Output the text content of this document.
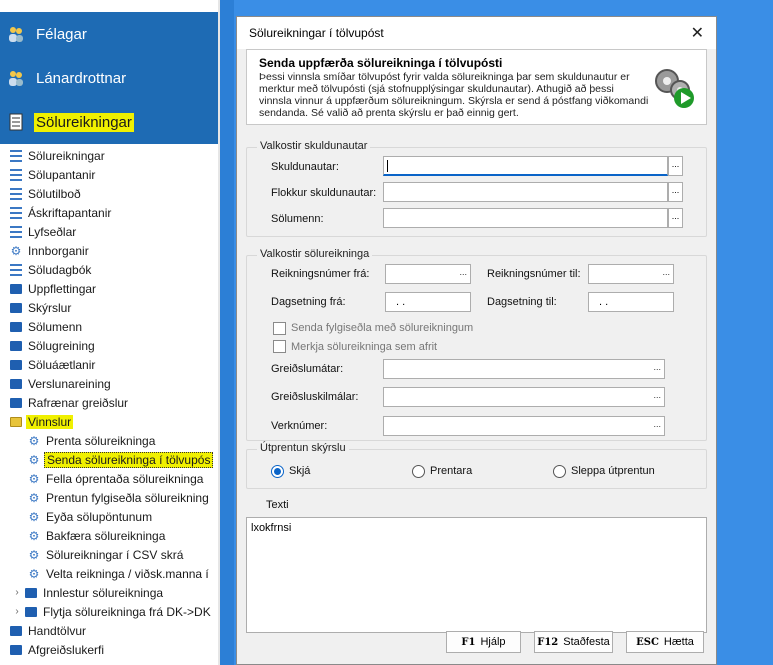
Félagar
Lánardrottnar
Sölureikningar
Sölureikningar
Sölupantanir
Sölutilboð
Áskriftapantanir
Lyfseðlar
⚙ Innborganir
Söludagbók
Uppflettingar
Skýrslur
Sölumenn
Sölugreining
Söluáætlanir
Verslunareining
Rafrænar greiðslur
Vinnslur
⚙ Prenta sölureikninga
⚙ Senda sölureikninga í tölvupós
⚙ Fella óprentaða sölureikninga
⚙ Prentun fylgiseðla sölureikning
⚙ Eyða sölupöntunum
⚙ Bakfæra sölureikninga
⚙ Sölureikningar í CSV skrá
⚙ Velta reikninga / viðsk.manna í
› Innlestur sölureikninga
› Flytja sölureikninga frá DK->DK
Handtölvur
Afgreiðslukerfi
Sölureikningar í tölvupóst	✕
Senda uppfærða sölureikninga í tölvupósti
Þessi vinnsla smíðar tölvupóst fyrir valda sölureikninga þar sem skuldunautur er merktur með tölvupósti (sjá stofnupplýsingar skuldunautar). Athugið að þessi vinnsla vinnur á uppfærðum sölureikningum. Skýrsla er send á póstfang viðkomandi sendanda. Sé valið að prenta skýrslu er það einnig gert.
Valkostir skuldunautar
Skuldunautar:	...
Flokkur skuldunautar:	...
Sölumenn:	...
Valkostir sölureikninga
Reikningsnúmer frá:	... Reikningsnúmer til:	...
Dagsetning frá:	. .	Dagsetning til:	. .
Senda fylgiseðla með sölureikningum
Merkja sölureikninga sem afrit
Greiðslumátar:	...
Greiðsluskilmálar:	...
Verknúmer:	...
Útprentun skýrslu
Skjá	Prentara	Sleppa útprentun
Texti
lxokfrnsi
F1 Hjálp	F12 Staðfesta	ESC Hætta
